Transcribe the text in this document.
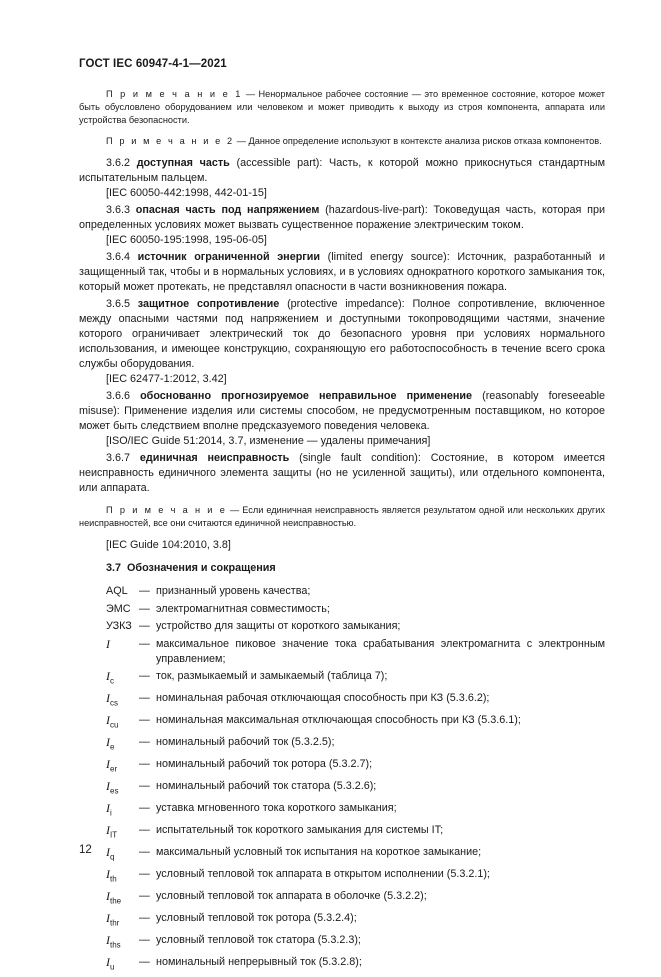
ГОСТ IEC 60947-4-1—2021

П р и м е ч а н и е 1 — Ненормальное рабочее состояние — это временное состояние, которое может быть обусловлено оборудованием или человеком и может приводить к выходу из строя компонента, аппарата или устройства безопасности.

П р и м е ч а н и е 2 — Данное определение используют в контексте анализа рисков отказа компонентов.

3.6.2 доступная часть (accessible part): Часть, к которой можно прикоснуться стандартным испытательным пальцем.

[IEC 60050-442:1998, 442-01-15]

3.6.3 опасная часть под напряжением (hazardous-live-part): Токоведущая часть, которая при определенных условиях может вызвать существенное поражение электрическим током.

[IEC 60050-195:1998, 195-06-05]

3.6.4 источник ограниченной энергии (limited energy source): Источник, разработанный и защищенный так, чтобы и в нормальных условиях, и в условиях однократного короткого замыкания ток, который может протекать, не представлял опасности в части возникновения пожара.

3.6.5 защитное сопротивление (protective impedance): Полное сопротивление, включенное между опасными частями под напряжением и доступными токопроводящими частями, значение которого ограничивает электрический ток до безопасного уровня при условиях нормального использования, и имеющее конструкцию, сохраняющую его работоспособность в течение всего срока службы оборудования.

[IEC 62477-1:2012, 3.42]

3.6.6 обоснованно прогнозируемое неправильное применение (reasonably foreseeable misuse): Применение изделия или системы способом, не предусмотренным поставщиком, но которое может быть следствием вполне предсказуемого поведения человека.

[ISO/IEC Guide 51:2014, 3.7, изменение — удалены примечания]

3.6.7 единичная неисправность (single fault condition): Состояние, в котором имеется неисправность единичного элемента защиты (но не усиленной защиты), или отдельного компонента, или аппарата.

П р и м е ч а н и е — Если единичная неисправность является результатом одной или нескольких других неисправностей, все они считаются единичной неисправностью.

[IEC Guide 104:2010, 3.8]

3.7 Обозначения и сокращения
AQL	— признанный уровень качества;
ЭМС — электромагнитная совместимость;
УЗКЗ — устройство для защиты от короткого замыкания;
I	— максимальное пиковое значение тока срабатывания электромагнита с электронным управлением;
$I_c$	— ток, размыкаемый и замыкаемый (таблица 7);
$I_{cs}$	— номинальная рабочая отключающая способность при КЗ (5.3.6.2);
$I_{cu}$	— номинальная максимальная отключающая способность при КЗ (5.3.6.1);
$I_e$	— номинальный рабочий ток (5.3.2.5);
$I_{er}$	— номинальный рабочий ток ротора (5.3.2.7);
$I_{es}$	— номинальный рабочий ток статора (5.3.2.6);
$I_i$	— уставка мгновенного тока короткого замыкания;
$I_{IT}$	— испытательный ток короткого замыкания для системы IT;
$I_q$	— максимальный условный ток испытания на короткое замыкание;
$I_{th}$	— условный тепловой ток аппарата в открытом исполнении (5.3.2.1);
$I_{the}$	— условный тепловой ток аппарата в оболочке (5.3.2.2);
$I_{thr}$	— условный тепловой ток ротора (5.3.2.4);
$I_{ths}$	— условный тепловой ток статора (5.3.2.3);
$I_u$	— номинальный непрерывный ток (5.3.2.8);
12
